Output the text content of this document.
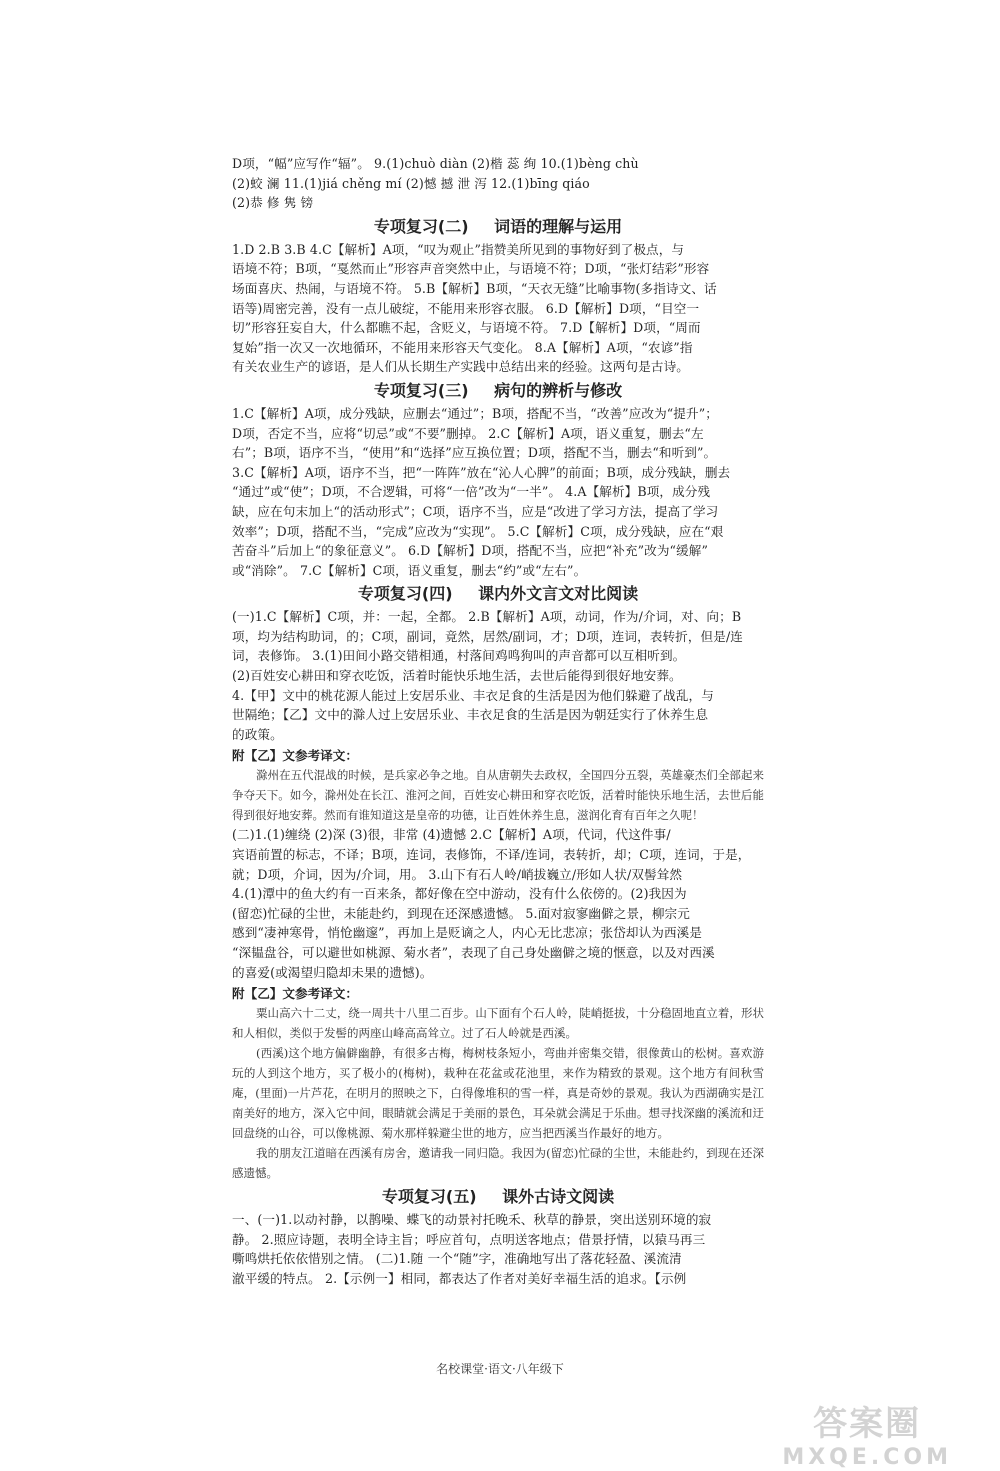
D项，“幅”应写作“辐”。 9.(1)chuò diàn (2)楷 蕊 绚 10.(1)bèng chù

(2)蛟 澜 11.(1)jiá chěng mí (2)憾 撼 泄 泻 12.(1)bīng qiáo

(2)恭 修 隽 镑

专项复习(二) 词语的理解与运用

1.D 2.B 3.B 4.C【解析】A项，“叹为观止”指赞美所见到的事物好到了极点，与

语境不符；B项，“戛然而止”形容声音突然中止，与语境不符；D项，“张灯结彩”形容

场面喜庆、热闹，与语境不符。 5.B【解析】B项，“天衣无缝”比喻事物(多指诗文、话

语等)周密完善，没有一点儿破绽，不能用来形容衣服。 6.D【解析】D项，“目空一

切”形容狂妄自大，什么都瞧不起，含贬义，与语境不符。 7.D【解析】D项，“周而

复始”指一次又一次地循环，不能用来形容天气变化。 8.A【解析】A项，“农谚”指

有关农业生产的谚语，是人们从长期生产实践中总结出来的经验。这两句是古诗。

专项复习(三) 病句的辨析与修改

1.C【解析】A项，成分残缺，应删去“通过”；B项，搭配不当，“改善”应改为“提升”；

D项，否定不当，应将“切忌”或“不要”删掉。 2.C【解析】A项，语义重复，删去“左

右”；B项，语序不当，“使用”和“选择”应互换位置；D项，搭配不当，删去“和听到”。

3.C【解析】A项，语序不当，把“一阵阵”放在“沁人心脾”的前面；B项，成分残缺，删去

“通过”或“使”；D项，不合逻辑，可将“一倍”改为“一半”。 4.A【解析】B项，成分残

缺，应在句末加上“的活动形式”；C项，语序不当，应是“改进了学习方法，提高了学习

效率”；D项，搭配不当，“完成”应改为“实现”。 5.C【解析】C项，成分残缺，应在“艰

苦奋斗”后加上“的象征意义”。 6.D【解析】D项，搭配不当，应把“补充”改为“缓解”

或“消除”。 7.C【解析】C项，语义重复，删去“约”或“左右”。

专项复习(四) 课内外文言文对比阅读

(一)1.C【解析】C项，并：一起，全都。 2.B【解析】A项，动词，作为/介词，对、向；B

项，均为结构助词，的；C项，副词，竟然，居然/副词，才；D项，连词，表转折，但是/连

词，表修饰。 3.(1)田间小路交错相通，村落间鸡鸣狗叫的声音都可以互相听到。

(2)百姓安心耕田和穿衣吃饭，活着时能快乐地生活，去世后能得到很好地安葬。

4.【甲】文中的桃花源人能过上安居乐业、丰衣足食的生活是因为他们躲避了战乱，与

世隔绝；【乙】文中的滁人过上安居乐业、丰衣足食的生活是因为朝廷实行了休养生息

的政策。

附【乙】文参考译文：

滁州在五代混战的时候，是兵家必争之地。自从唐朝失去政权，全国四分五裂，英雄豪杰们全部起来争夺天下。如今，滁州处在长江、淮河之间，百姓安心耕田和穿衣吃饭，活着时能快乐地生活，去世后能得到很好地安葬。然而有谁知道这是皇帝的功德，让百姓休养生息，滋润化育有百年之久呢！

(二)1.(1)缠绕 (2)深 (3)很，非常 (4)遗憾 2.C【解析】A项，代词，代这件事/

宾语前置的标志，不译；B项，连词，表修饰，不译/连词，表转折，却；C项，连词，于是，

就；D项，介词，因为/介词，用。 3.山下有石人岭/峭拔巍立/形如人状/双髻耸然

4.(1)潭中的鱼大约有一百来条，都好像在空中游动，没有什么依傍的。(2)我因为

(留恋)忙碌的尘世，未能赴约，到现在还深感遗憾。 5.面对寂寥幽僻之景，柳宗元

感到“凄神寒骨，悄怆幽邃”，再加上是贬谪之人，内心无比悲凉；张岱却认为西溪是

“深韫盘谷，可以避世如桃源、菊水者”，表现了自己身处幽僻之境的惬意，以及对西溪

的喜爱(或渴望归隐却未果的遗憾)。

附【乙】文参考译文：

粟山高六十二丈，绕一周共十八里二百步。山下面有个石人岭，陡峭挺拔，十分稳固地直立着，形状和人相似，类似于发髻的两座山峰高高耸立。过了石人岭就是西溪。

(西溪)这个地方偏僻幽静，有很多古梅，梅树枝条短小，弯曲并密集交错，很像黄山的松树。喜欢游玩的人到这个地方，买了极小的(梅树)，栽种在花盆或花池里，来作为精致的景观。这个地方有间秋雪庵，(里面)一片芦花，在明月的照映之下，白得像堆积的雪一样，真是奇妙的景观。我认为西湖确实是江南美好的地方，深入它中间，眼睛就会满足于美丽的景色，耳朵就会满足于乐曲。想寻找深幽的溪流和迂回盘绕的山谷，可以像桃源、菊水那样躲避尘世的地方，应当把西溪当作最好的地方。

我的朋友江道暗在西溪有房舍，邀请我一同归隐。我因为(留恋)忙碌的尘世，未能赴约，到现在还深感遗憾。

专项复习(五) 课外古诗文阅读

一、(一)1.以动衬静，以鹊噪、蝶飞的动景衬托晚禾、秋草的静景，突出送别环境的寂

静。 2.照应诗题，表明全诗主旨；呼应首句，点明送客地点；借景抒情，以猿马再三

嘶鸣烘托依依惜别之情。 (二)1.随 一个“随”字，准确地写出了落花轻盈、溪流清

澈平缓的特点。 2.【示例一】相同，都表达了作者对美好幸福生活的追求。【示例

名校课堂·语文·八年级下
答案圈
MXQE.COM
